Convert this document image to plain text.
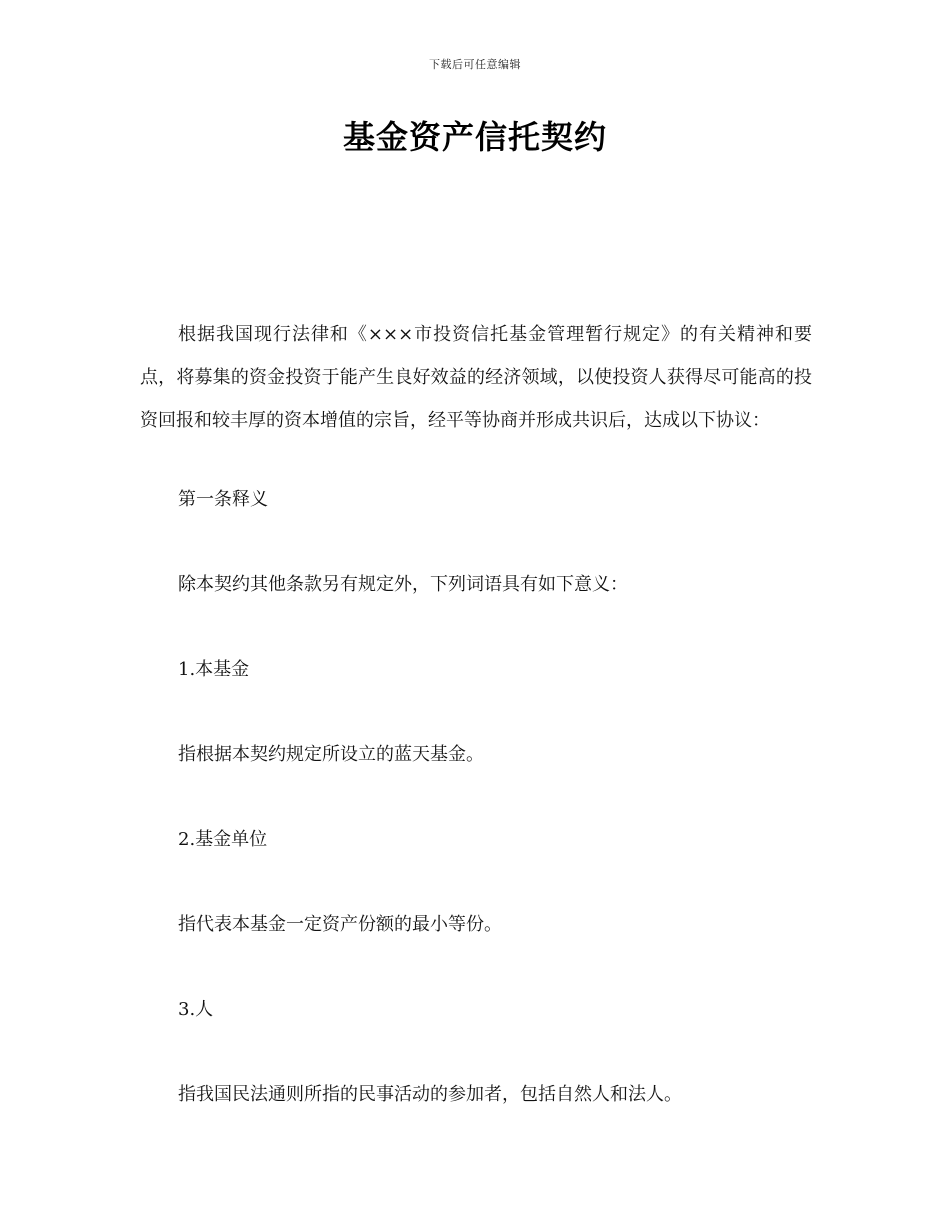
下载后可任意编辑
基金资产信托契约

根据我国现行法律和《×××市投资信托基金管理暂行规定》的有关精神和要点，将募集的资金投资于能产生良好效益的经济领域，以使投资人获得尽可能高的投资回报和较丰厚的资本增值的宗旨，经平等协商并形成共识后，达成以下协议：

第一条释义
除本契约其他条款另有规定外，下列词语具有如下意义：
1.本基金
指根据本契约规定所设立的蓝天基金。
2.基金单位
指代表本基金一定资产份额的最小等份。
3.人
指我国民法通则所指的民事活动的参加者，包括自然人和法人。
